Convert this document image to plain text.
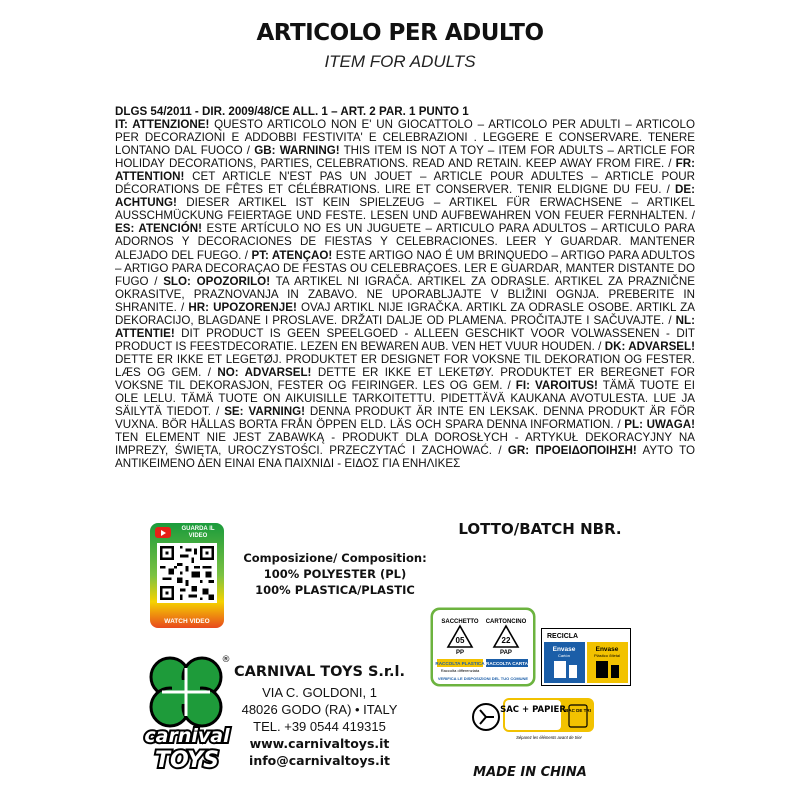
ARTICOLO PER ADULTO
ITEM FOR ADULTS
DLGS 54/2011 - DIR. 2009/48/CE ALL. 1 – ART. 2 PAR. 1 PUNTO 1
IT: ATTENZIONE! QUESTO ARTICOLO NON E' UN GIOCATTOLO – ARTICOLO PER ADULTI – ARTICOLO PER DECORAZIONI E ADDOBBI FESTIVITA' E CELEBRAZIONI . LEGGERE E CONSERVARE. TENERE LONTANO DAL FUOCO / GB: WARNING! THIS ITEM IS NOT A TOY – ITEM FOR ADULTS – ARTICLE FOR HOLIDAY DECORATIONS, PARTIES, CELEBRATIONS. READ AND RETAIN. KEEP AWAY FROM FIRE. / FR: ATTENTION! CET ARTICLE N'EST PAS UN JOUET – ARTICLE POUR ADULTES – ARTICLE POUR DÉCORATIONS DE FÊTES ET CÉLÉBRATIONS. LIRE ET CONSERVER. TENIR ELDIGNE DU FEU. / DE: ACHTUNG! DIESER ARTIKEL IST KEIN SPIELZEUG – ARTIKEL FÜR ERWACHSENE – ARTIKEL AUSSCHMÜCKUNG FEIERTAGE UND FESTE. LESEN UND AUFBEWAHREN VON FEUER FERNHALTEN. / ES: ATENCIÓN! ESTE ARTÍCULO NO ES UN JUGUETE – ARTICULO PARA ADULTOS – ARTICULO PARA ADORNOS Y DECORACIONES DE FIESTAS Y CELEBRACIONES. LEER Y GUARDAR. MANTENER ALEJADO DEL FUEGO. / PT: ATENÇAO! ESTE ARTIGO NAO É UM BRINQUEDO – ARTIGO PARA ADULTOS – ARTIGO PARA DECORAÇAO DE FESTAS OU CELEBRAÇOES. LER E GUARDAR, MANTER DISTANTE DO FUGO / SLO: OPOZORILO! TA ARTIKEL NI IGRAČA. ARTIKEL ZA ODRASLE. ARTIKEL ZA PRAZNIČNE OKRASITVE, PRAZNOVANJA IN ZABAVO. NE UPORABLJAJTE V BLIŽINI OGNJA. PREBERITE IN SHRANITE. / HR: UPOZORENJE! OVAJ ARTIKL NIJE IGRAČKA. ARTIKL ZA ODRASLE OSOBE. ARTIKL ZA DEKORACIJO, BLAGDANE I PROSLAVE. DRŽATI DALJE OD PLAMENA. PROČITAJTE I SAČUVAJTE. / NL: ATTENTIE! DIT PRODUCT IS GEEN SPEELGOED - ALLEEN GESCHIKT VOOR VOLWASSENEN - DIT PRODUCT IS FEESTDECORATIE. LEZEN EN BEWAREN AUB. VEN HET VUUR HOUDEN. / DK: ADVARSEL! DETTE ER IKKE ET LEGETØJ. PRODUKTET ER DESIGNET FOR VOKSNE TIL DEKORATION OG FESTER. LÆS OG GEM. / NO: ADVARSEL! DETTE ER IKKE ET LEKETØY. PRODUKTET ER BEREGNET FOR VOKSNE TIL DEKORASJON, FESTER OG FEIRINGER. LES OG GEM. / FI: VAROITUS! TÄMÄ TUOTE EI OLE LELU. TÄMÄ TUOTE ON AIKUISILLE TARKOITETTU. PIDETTÄVÄ KAUKANA AVOTULESTA. LUE JA SÄILYTÄ TIEDOT. / SE: VARNING! DENNA PRODUKT ÄR INTE EN LEKSAK. DENNA PRODUKT ÄR FÖR VUXNA. BÖR HÅLLAS BORTA FRÅN ÖPPEN ELD. LÄS OCH SPARA DENNA INFORMATION. / PL: UWAGA! TEN ELEMENT NIE JEST ZABAWKĄ - PRODUKT DLA DOROSŁYCH - ARTYKUŁ DEKORACYJNY NA IMPREZY, ŚWIĘTA, UROCZYSTOŚCI. PRZECZYTAĆ I ZACHOWAĆ. / GR: ΠΡΟΕΙΔΟΠΟΙΗΣΗ! ΑΥΤΟ ΤΟ ΑΝΤΙΚΕΙΜΕΝΟ ΔΕΝ ΕΙΝΑΙ ΕΝΑ ΠΑΙΧΝΙΔΙ - ΕΙΔΟΣ ΓΙΑ ΕΝΗΛΙΚΕΣ
GUARDA IL VIDEO
WATCH VIDEO
Composizione/ Composition:
100% POLYESTER (PL)
100% PLASTICA/PLASTIC
LOTTO/BATCH NBR.
carnival
TOYS
®
CARNIVAL TOYS S.r.l.
VIA C. GOLDONI, 1
48026 GODO (RA) • ITALY
TEL. +39 0544 419315
www.carnivaltoys.it
info@carnivaltoys.it
SACCHETTO CARTONCINO
05
PP
22
PAP
RACCOLTA PLASTICA
Raccolta differenziata
RACCOLTA CARTA
VERIFICA LE DISPOSIZIONI DEL TUO COMUNE
RECICLA
Envase
Cartón
Envase
Plástico /Metal
SAC + PAPIER BAC DE TRI
Séparez les éléments avant de trier
MADE IN CHINA
